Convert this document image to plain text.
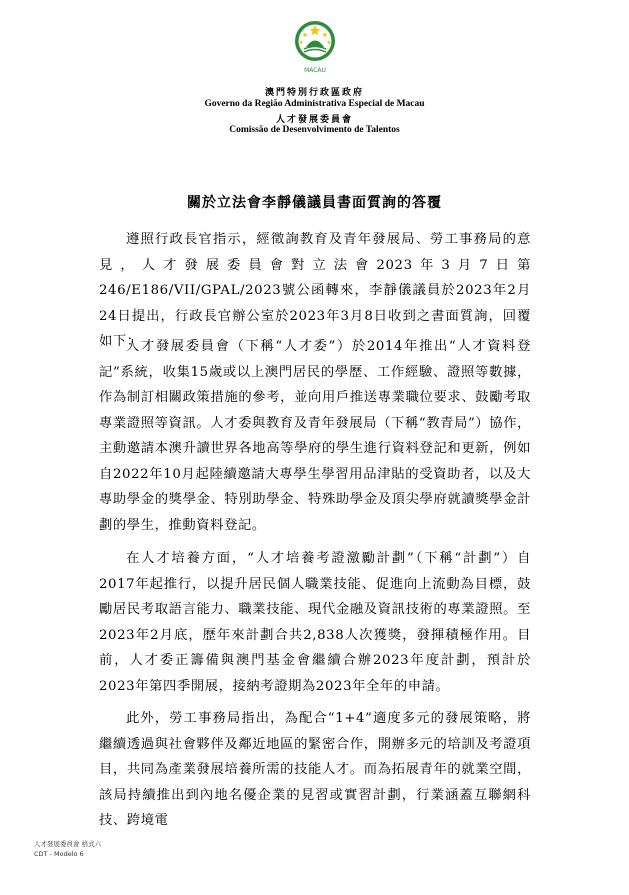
MACAU
澳門特別行政區政府
Governo da Região Administrativa Especial de Macau
人才發展委員會
Comissão de Desenvolvimento de Talentos
關於立法會李靜儀議員書面質詢的答覆

遵照行政長官指示，經徵詢教育及青年發展局、勞工事務局的意見，人才發展委員會對立法會2023年3月7日第246/E186/VII/GPAL/2023號公函轉來，李靜儀議員於2023年2月24日提出，行政長官辦公室於2023年3月8日收到之書面質詢，回覆如下：

人才發展委員會（下稱“人才委”）於2014年推出“人才資料登記”系統，收集15歲或以上澳門居民的學歷、工作經驗、證照等數據，作為制訂相關政策措施的參考，並向用戶推送專業職位要求、鼓勵考取專業證照等資訊。人才委與教育及青年發展局（下稱“教青局”）協作，主動邀請本澳升讀世界各地高等學府的學生進行資料登記和更新，例如自2022年10月起陸續邀請大專學生學習用品津貼的受資助者，以及大專助學金的獎學金、特別助學金、特殊助學金及頂尖學府就讀獎學金計劃的學生，推動資料登記。

在人才培養方面，“人才培養考證激勵計劃”（下稱“計劃”）自2017年起推行，以提升居民個人職業技能、促進向上流動為目標，鼓勵居民考取語言能力、職業技能、現代金融及資訊技術的專業證照。至2023年2月底，歷年來計劃合共2,838人次獲獎，發揮積極作用。目前，人才委正籌備與澳門基金會繼續合辦2023年度計劃，預計於2023年第四季開展，接納考證期為2023年全年的申請。

此外，勞工事務局指出，為配合“1+4”適度多元的發展策略，將繼續透過與社會夥伴及鄰近地區的緊密合作，開辦多元的培訓及考證項目，共同為產業發展培養所需的技能人才。而為拓展青年的就業空間，該局持續推出到內地名優企業的見習或實習計劃，行業涵蓋互聯網科技、跨境電

人才發展委員會 格式六
CDT - Modelo 6
